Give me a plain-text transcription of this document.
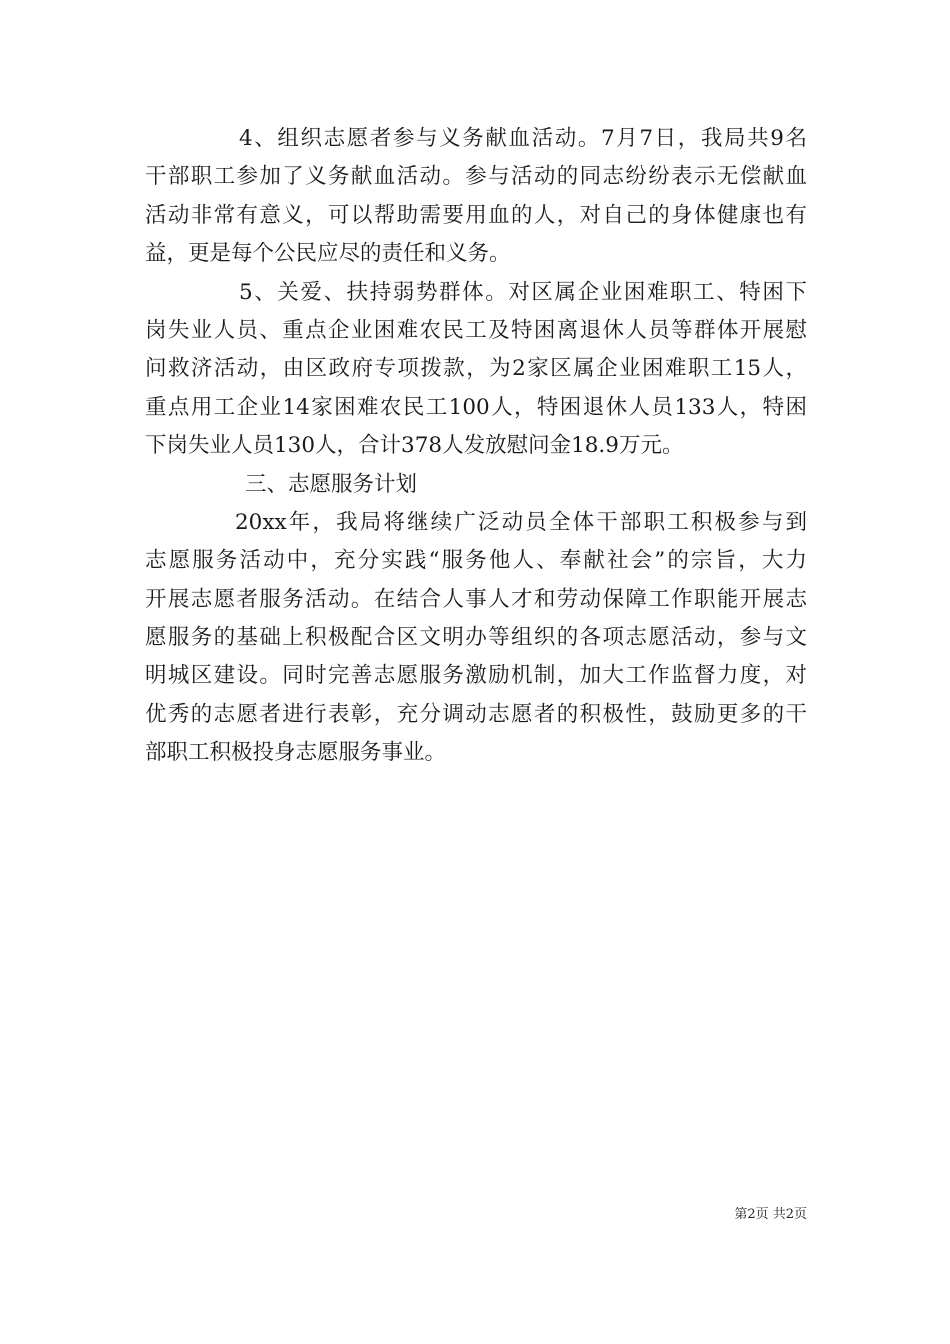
4、组织志愿者参与义务献血活动。7月7日，我局共9名
干部职工参加了义务献血活动。参与活动的同志纷纷表示无偿献血
活动非常有意义，可以帮助需要用血的人，对自己的身体健康也有
益，更是每个公民应尽的责任和义务。
5、关爱、扶持弱势群体。对区属企业困难职工、特困下
岗失业人员、重点企业困难农民工及特困离退休人员等群体开展慰
问救济活动，由区政府专项拨款，为2家区属企业困难职工15人，
重点用工企业14家困难农民工100人，特困退休人员133人，特困
下岗失业人员130人，合计378人发放慰问金18.9万元。
三、志愿服务计划
20xx年，我局将继续广泛动员全体干部职工积极参与到
志愿服务活动中，充分实践“服务他人、奉献社会”的宗旨，大力
开展志愿者服务活动。在结合人事人才和劳动保障工作职能开展志
愿服务的基础上积极配合区文明办等组织的各项志愿活动，参与文
明城区建设。同时完善志愿服务激励机制，加大工作监督力度，对
优秀的志愿者进行表彰，充分调动志愿者的积极性，鼓励更多的干
部职工积极投身志愿服务事业。
第2页 共2页
